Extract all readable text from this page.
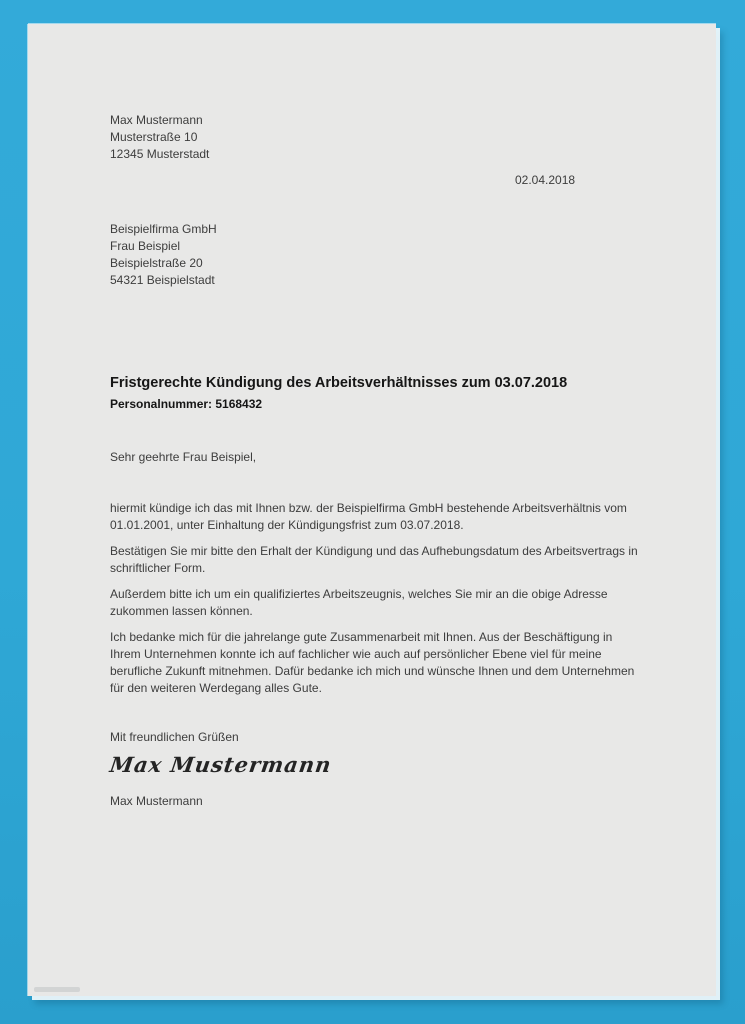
Max Mustermann
Musterstraße 10
12345 Musterstadt
02.04.2018
Beispielfirma GmbH
Frau Beispiel
Beispielstraße 20
54321 Beispielstadt
Fristgerechte Kündigung des Arbeitsverhältnisses zum 03.07.2018
Personalnummer: 5168432
Sehr geehrte Frau Beispiel,

hiermit kündige ich das mit Ihnen bzw. der Beispielfirma GmbH bestehende Arbeitsverhältnis vom 01.01.2001, unter Einhaltung der Kündigungsfrist zum 03.07.2018.

Bestätigen Sie mir bitte den Erhalt der Kündigung und das Aufhebungsdatum des Arbeitsvertrags in schriftlicher Form.

Außerdem bitte ich um ein qualifiziertes Arbeitszeugnis, welches Sie mir an die obige Adresse zukommen lassen können.

Ich bedanke mich für die jahrelange gute Zusammenarbeit mit Ihnen. Aus der Beschäftigung in Ihrem Unternehmen konnte ich auf fachlicher wie auch auf persönlicher Ebene viel für meine berufliche Zukunft mitnehmen. Dafür bedanke ich mich und wünsche Ihnen und dem Unternehmen für den weiteren Werdegang alles Gute.

Mit freundlichen Grüßen
Max Mustermann
Max Mustermann
